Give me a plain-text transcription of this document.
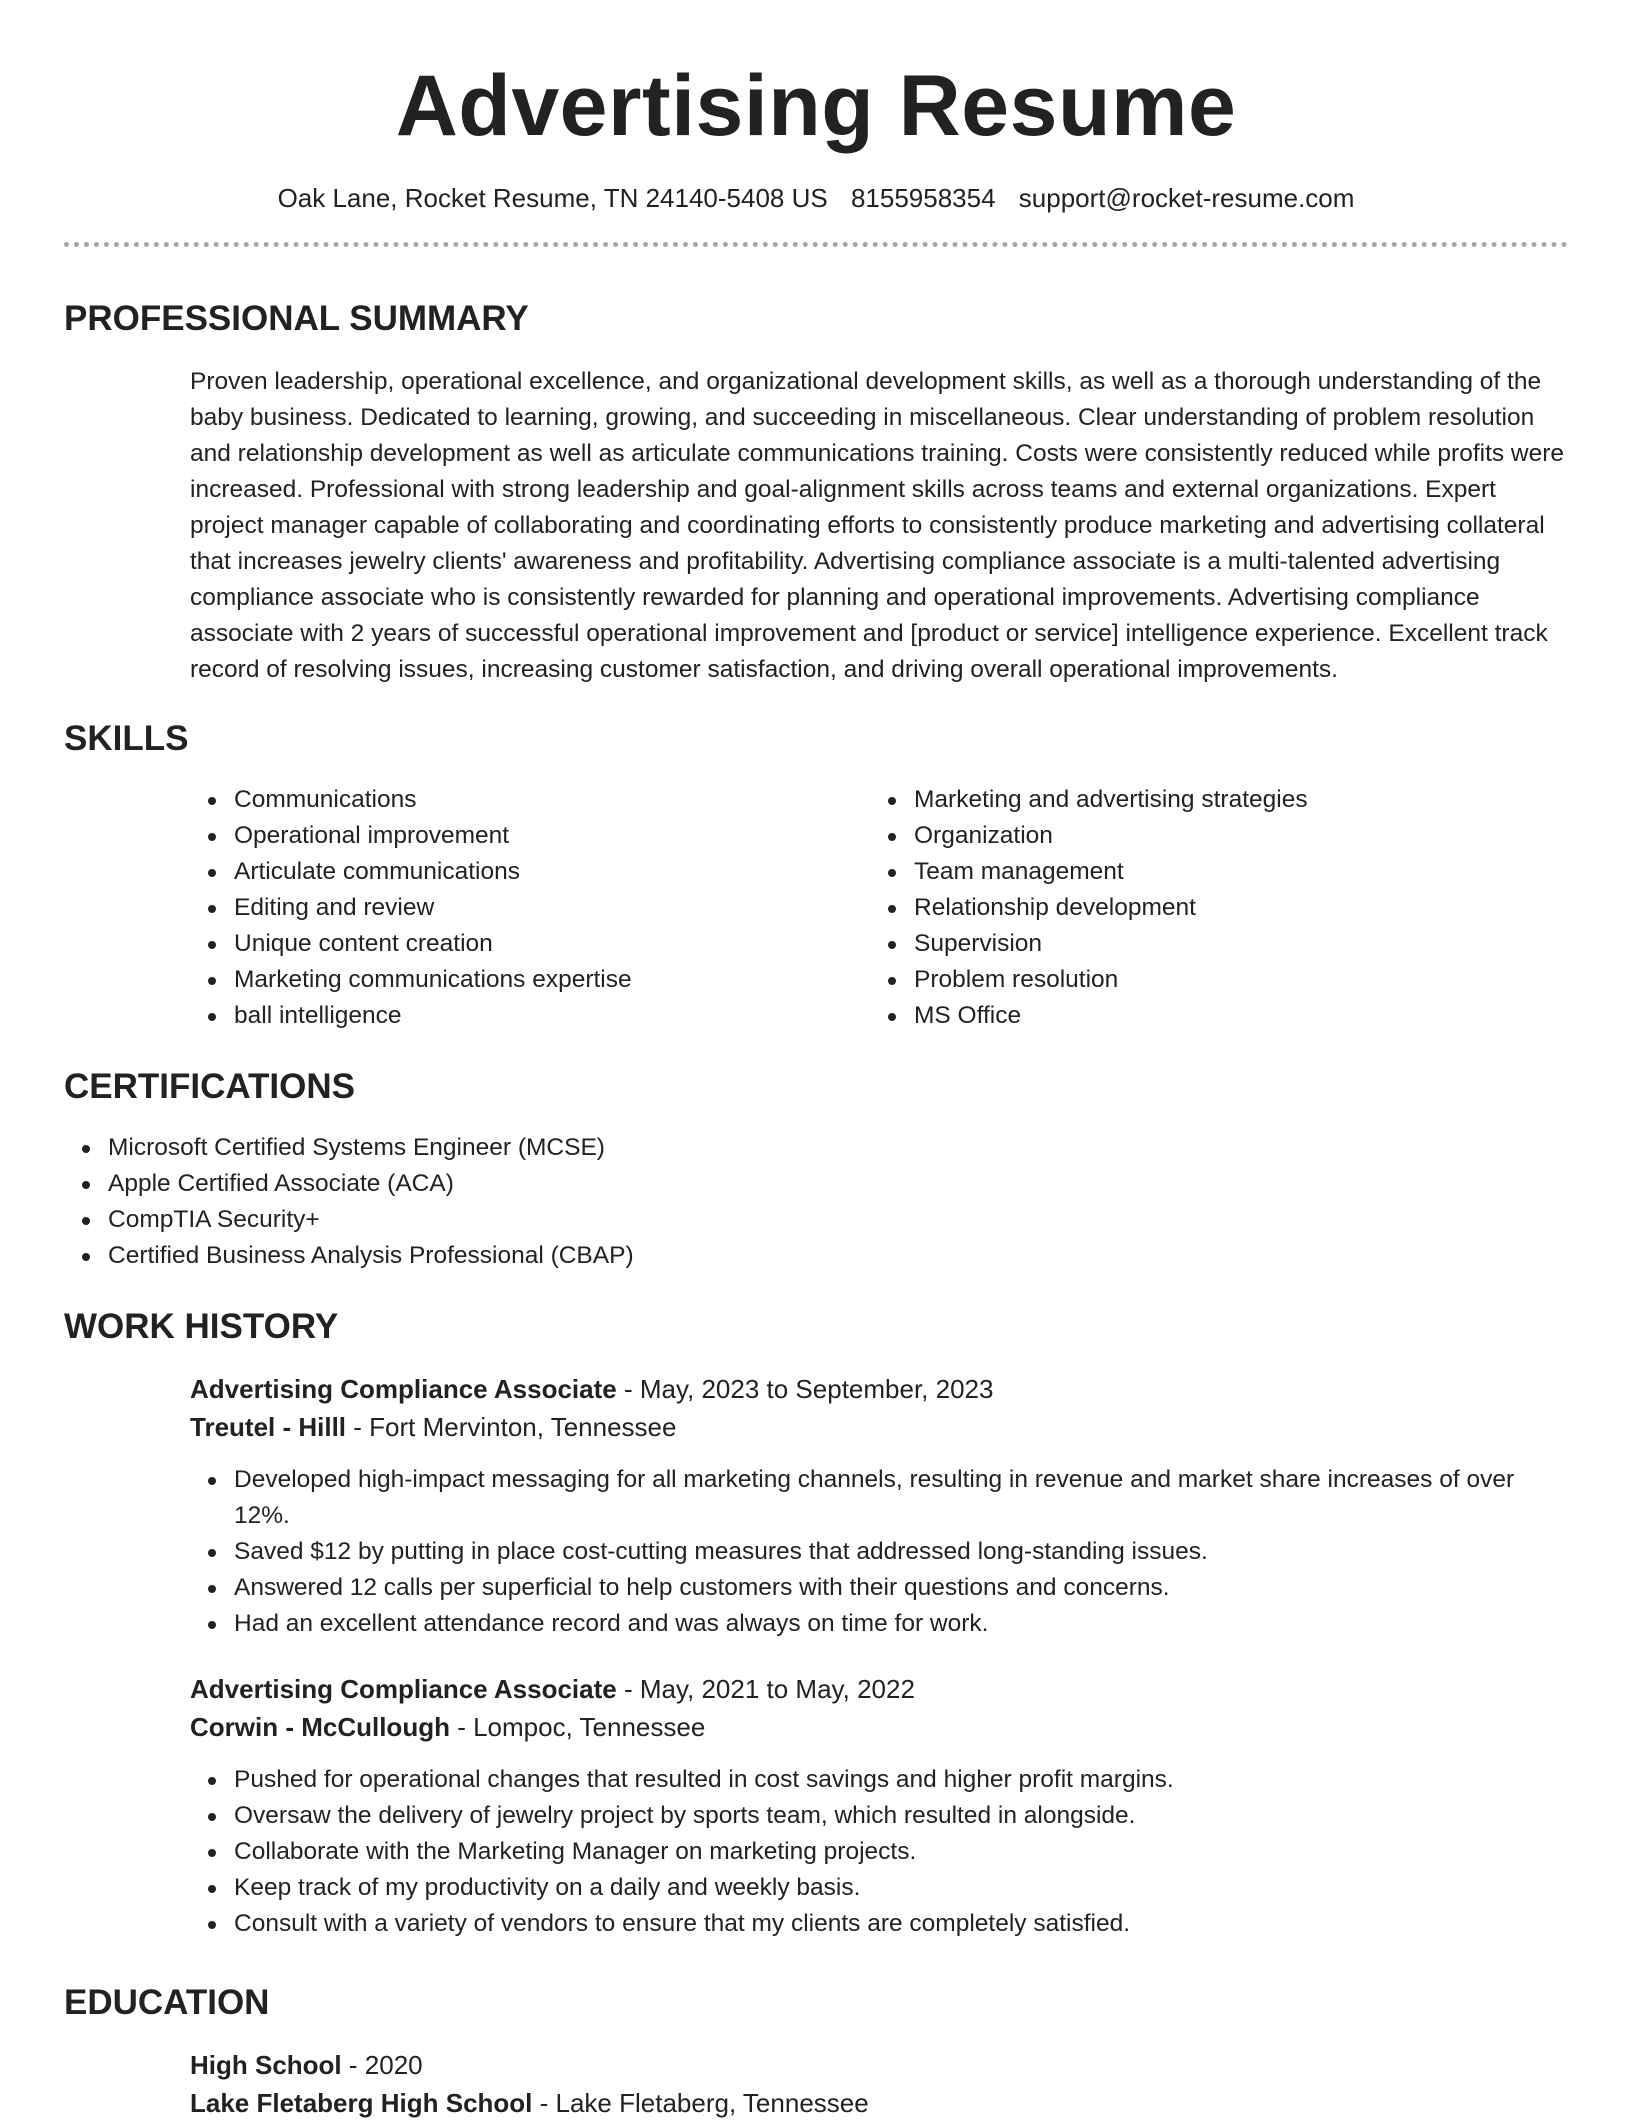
Advertising Resume
Oak Lane, Rocket Resume, TN 24140-5408 US 8155958354 support@rocket-resume.com
PROFESSIONAL SUMMARY
Proven leadership, operational excellence, and organizational development skills, as well as a thorough understanding of the baby business. Dedicated to learning, growing, and succeeding in miscellaneous. Clear understanding of problem resolution and relationship development as well as articulate communications training. Costs were consistently reduced while profits were increased. Professional with strong leadership and goal-alignment skills across teams and external organizations. Expert project manager capable of collaborating and coordinating efforts to consistently produce marketing and advertising collateral that increases jewelry clients' awareness and profitability. Advertising compliance associate is a multi-talented advertising compliance associate who is consistently rewarded for planning and operational improvements. Advertising compliance associate with 2 years of successful operational improvement and [product or service] intelligence experience. Excellent track record of resolving issues, increasing customer satisfaction, and driving overall operational improvements.
SKILLS
Communications
Operational improvement
Articulate communications
Editing and review
Unique content creation
Marketing communications expertise
ball intelligence
Marketing and advertising strategies
Organization
Team management
Relationship development
Supervision
Problem resolution
MS Office
CERTIFICATIONS
Microsoft Certified Systems Engineer (MCSE)
Apple Certified Associate (ACA)
CompTIA Security+
Certified Business Analysis Professional (CBAP)
WORK HISTORY
Advertising Compliance Associate - May, 2023 to September, 2023
Treutel - Hilll - Fort Mervinton, Tennessee
Developed high-impact messaging for all marketing channels, resulting in revenue and market share increases of over 12%.
Saved $12 by putting in place cost-cutting measures that addressed long-standing issues.
Answered 12 calls per superficial to help customers with their questions and concerns.
Had an excellent attendance record and was always on time for work.
Advertising Compliance Associate - May, 2021 to May, 2022
Corwin - McCullough - Lompoc, Tennessee
Pushed for operational changes that resulted in cost savings and higher profit margins.
Oversaw the delivery of jewelry project by sports team, which resulted in alongside.
Collaborate with the Marketing Manager on marketing projects.
Keep track of my productivity on a daily and weekly basis.
Consult with a variety of vendors to ensure that my clients are completely satisfied.
EDUCATION
High School - 2020
Lake Fletaberg High School - Lake Fletaberg, Tennessee
